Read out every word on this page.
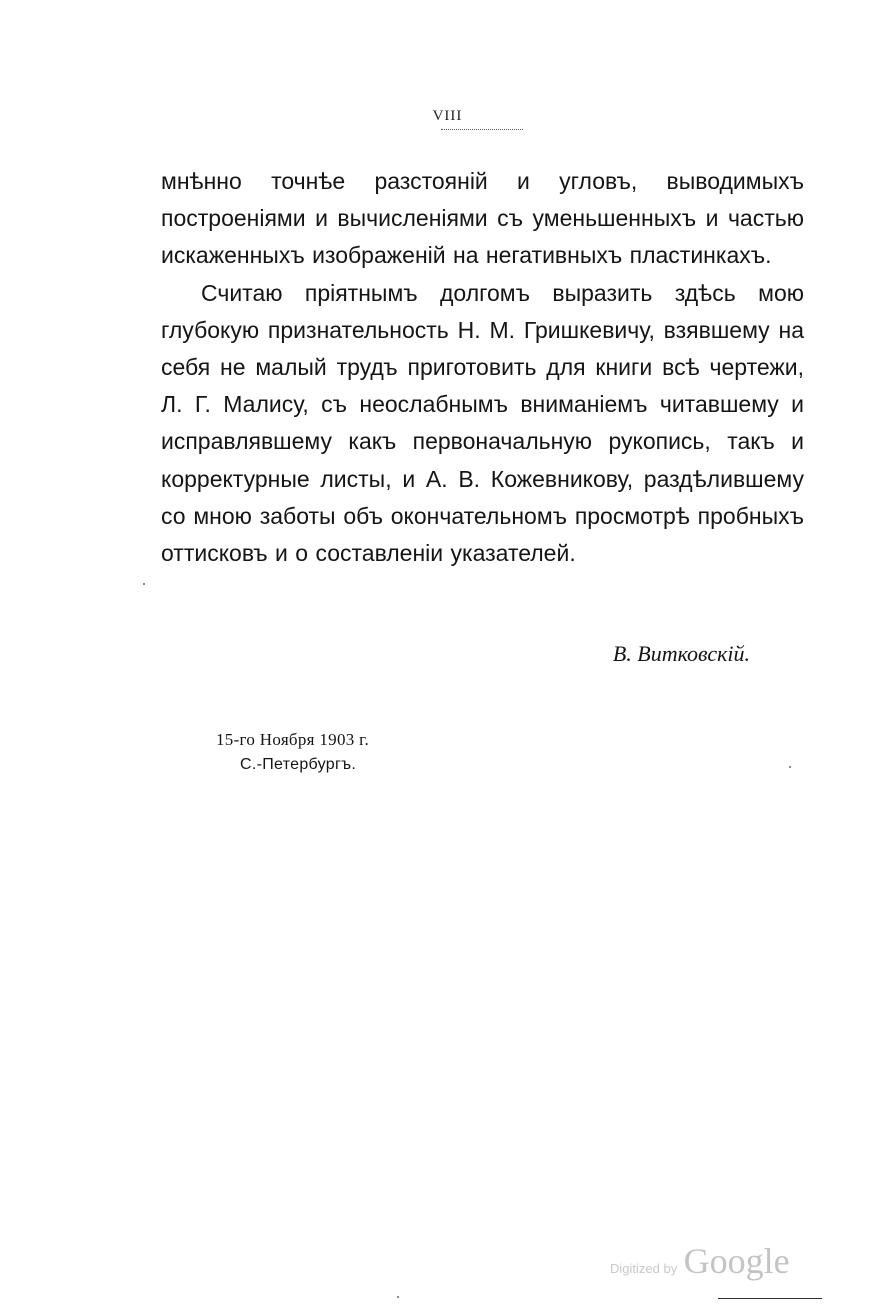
VIII

мнѣнно точнѣе разстояній и угловъ, выводимыхъ построеніями и вычисленіями съ уменьшенныхъ и частью искаженныхъ изображеній на негативныхъ пластинкахъ.

Считаю пріятнымъ долгомъ выразить здѣсь мою глубокую признательность Н. М. Гришкевичу, взявшему на себя не малый трудъ приготовить для книги всѣ чертежи, Л. Г. Малису, съ неослабнымъ вниманіемъ читавшему и исправлявшему какъ первоначальную рукопись, такъ и корректурные листы, и А. В. Кожевникову, раздѣлившему со мною заботы объ окончательномъ просмотрѣ пробныхъ оттисковъ и о составленіи указателей.

В. Витковскій.
15-го Ноября 1903 г.
С.-Петербургъ.
Digitized by Google
